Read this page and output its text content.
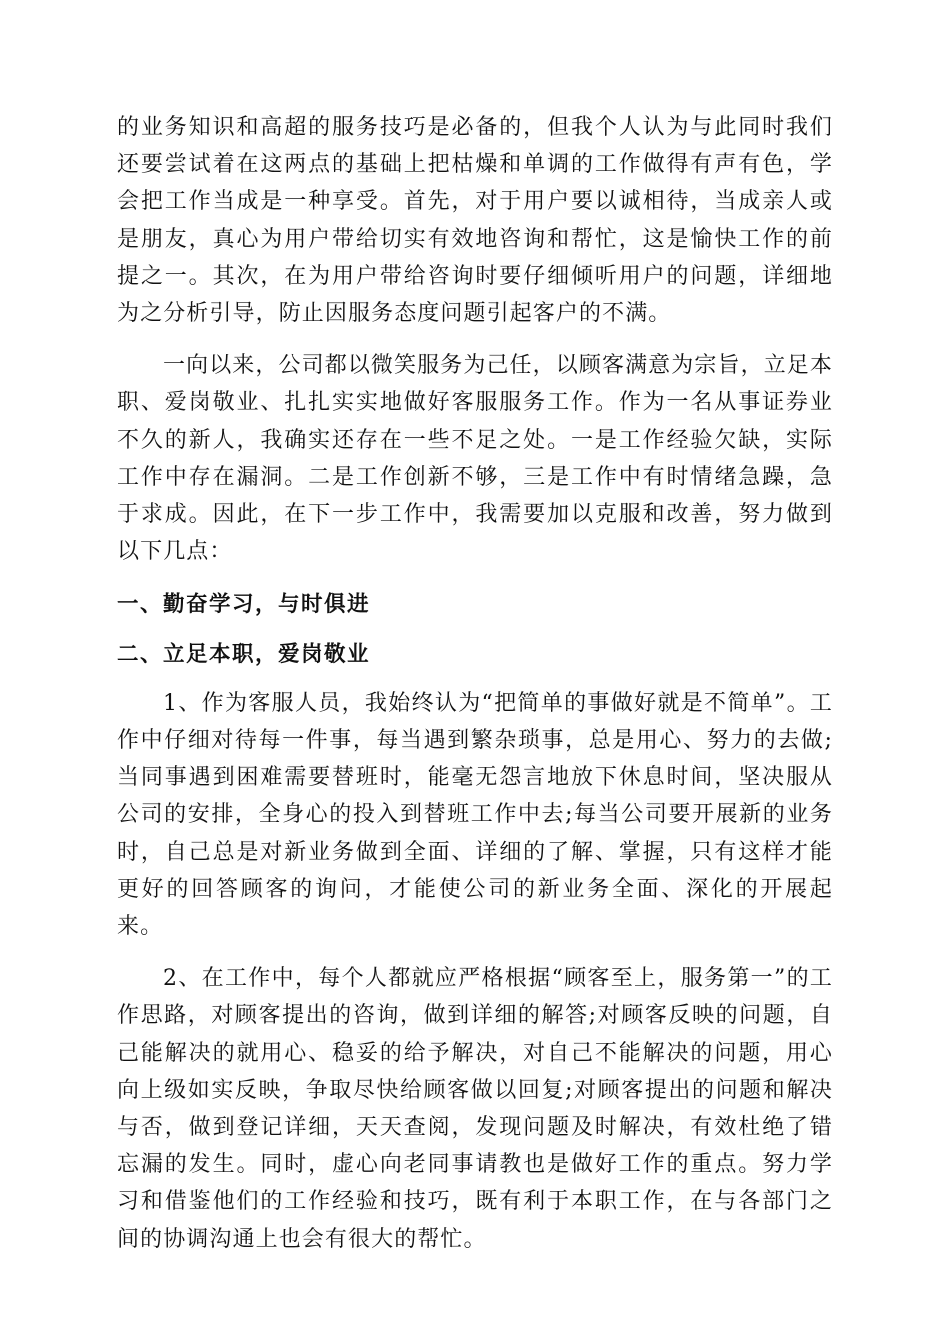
的业务知识和高超的服务技巧是必备的，但我个人认为与此同时我们还要尝试着在这两点的基础上把枯燥和单调的工作做得有声有色，学会把工作当成是一种享受。首先，对于用户要以诚相待，当成亲人或是朋友，真心为用户带给切实有效地咨询和帮忙，这是愉快工作的前提之一。其次，在为用户带给咨询时要仔细倾听用户的问题，详细地为之分析引导，防止因服务态度问题引起客户的不满。

一向以来，公司都以微笑服务为己任，以顾客满意为宗旨，立足本职、爱岗敬业、扎扎实实地做好客服服务工作。作为一名从事证券业不久的新人，我确实还存在一些不足之处。一是工作经验欠缺，实际工作中存在漏洞。二是工作创新不够，三是工作中有时情绪急躁，急于求成。因此，在下一步工作中，我需要加以克服和改善，努力做到以下几点：

一、勤奋学习，与时俱进

二、立足本职，爱岗敬业

1、作为客服人员，我始终认为“把简单的事做好就是不简单”。工作中仔细对待每一件事，每当遇到繁杂琐事，总是用心、努力的去做;当同事遇到困难需要替班时，能毫无怨言地放下休息时间，坚决服从公司的安排，全身心的投入到替班工作中去;每当公司要开展新的业务时，自己总是对新业务做到全面、详细的了解、掌握，只有这样才能更好的回答顾客的询问，才能使公司的新业务全面、深化的开展起来。

2、在工作中，每个人都就应严格根据“顾客至上，服务第一”的工作思路，对顾客提出的咨询，做到详细的解答;对顾客反映的问题，自己能解决的就用心、稳妥的给予解决，对自己不能解决的问题，用心向上级如实反映，争取尽快给顾客做以回复;对顾客提出的问题和解决与否，做到登记详细，天天查阅，发现问题及时解决，有效杜绝了错忘漏的发生。同时，虚心向老同事请教也是做好工作的重点。努力学习和借鉴他们的工作经验和技巧，既有利于本职工作，在与各部门之间的协调沟通上也会有很大的帮忙。
